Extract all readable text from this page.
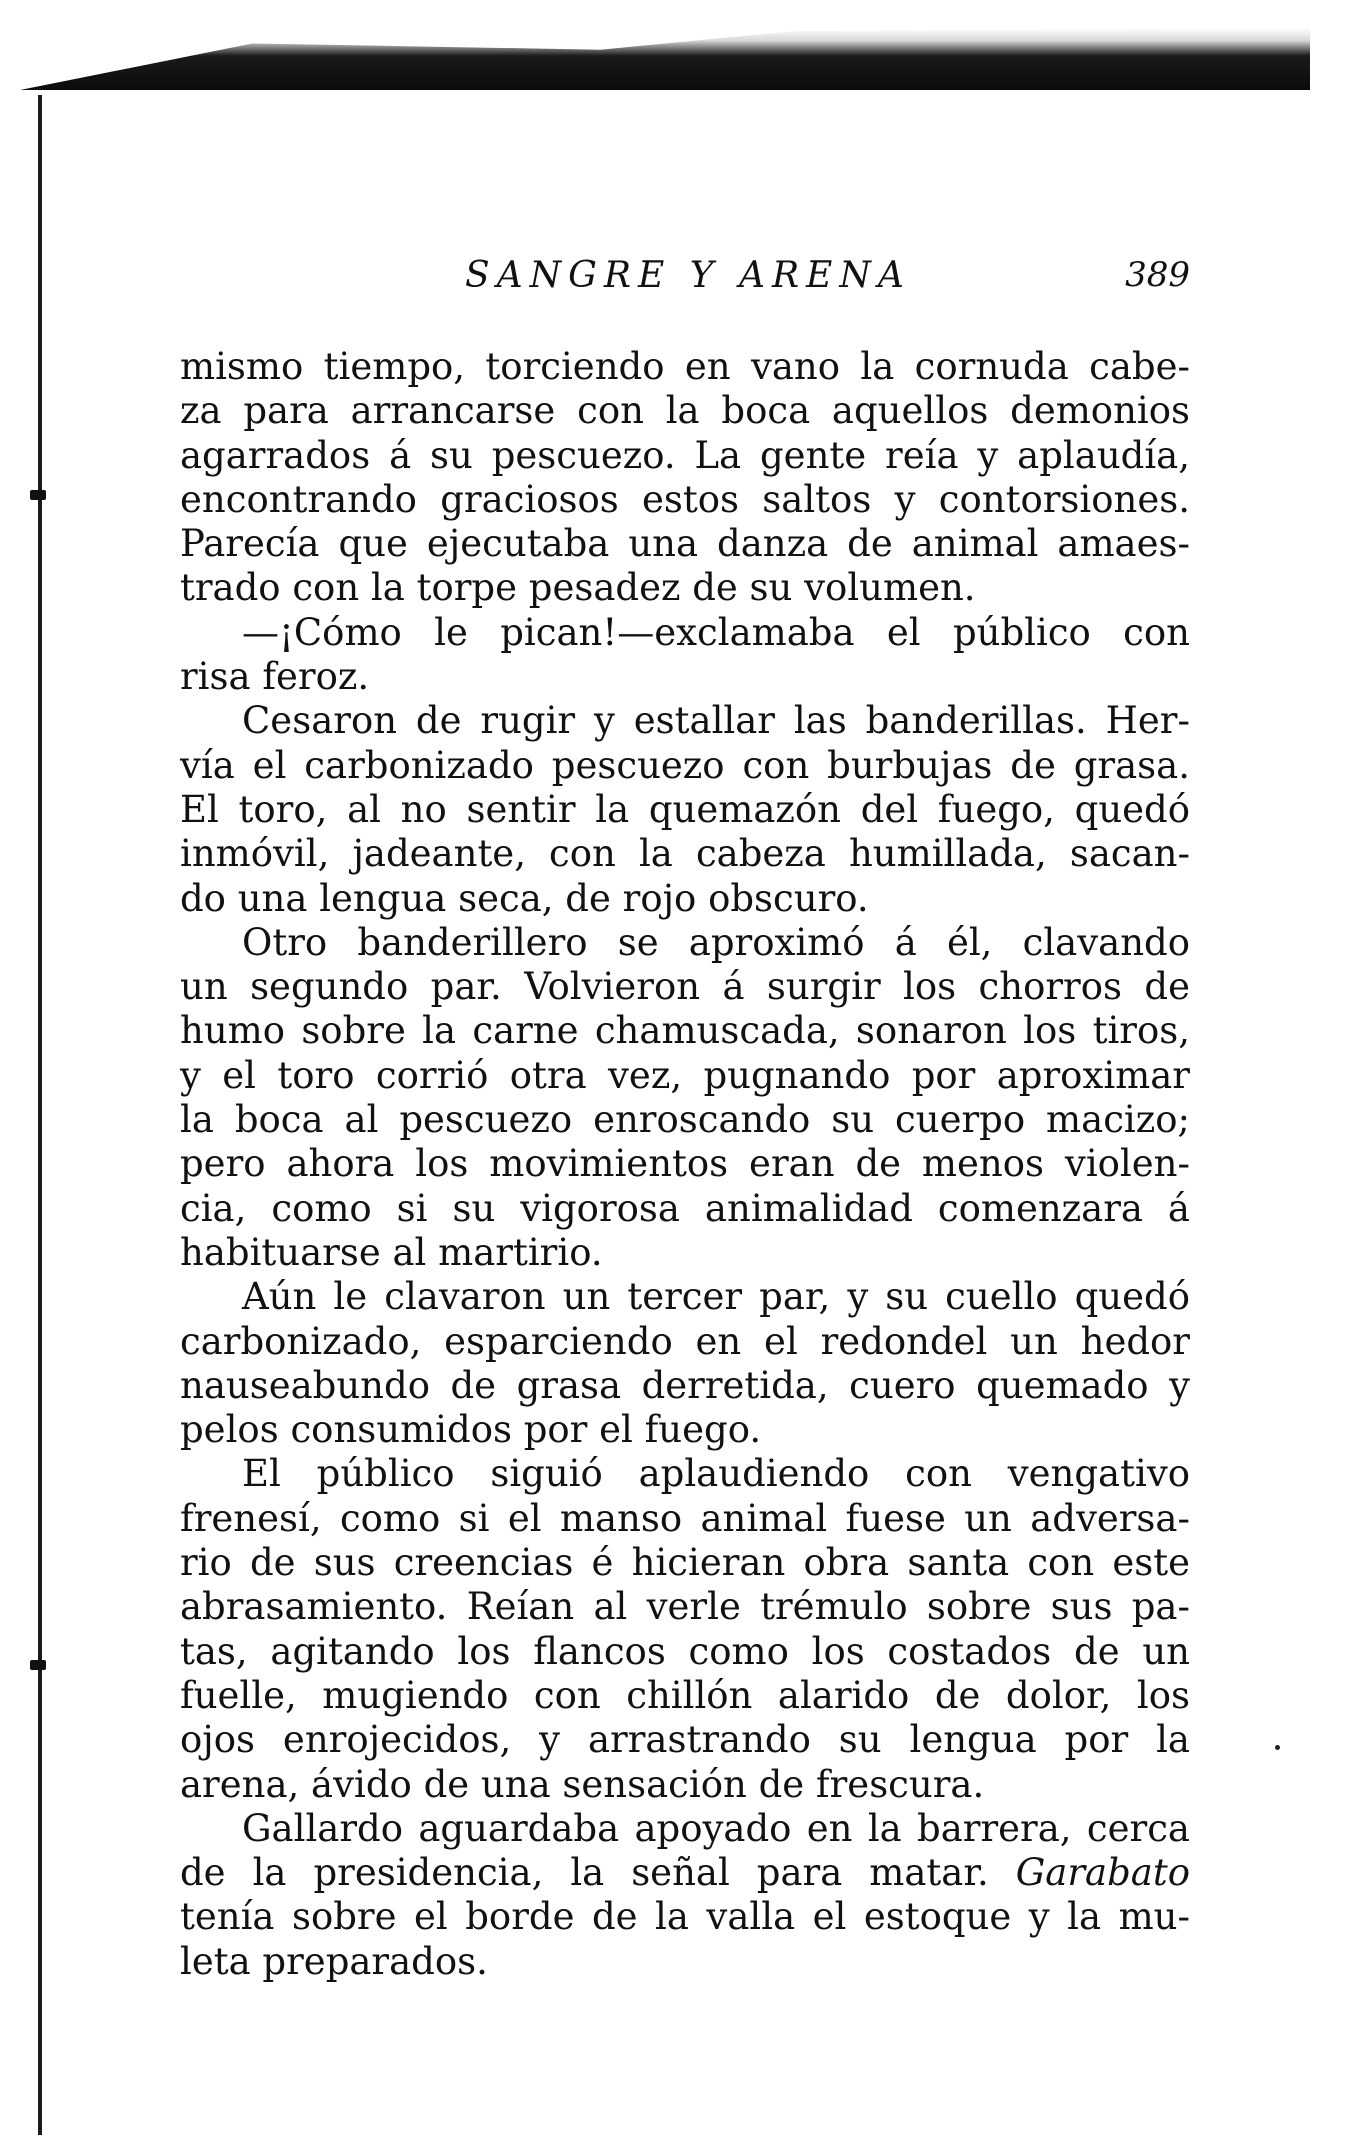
SANGRE Y ARENA	389
mismo tiempo, torciendo en vano la cornuda cabe-
za para arrancarse con la boca aquellos demonios
agarrados á su pescuezo. La gente reía y aplaudía,
encontrando graciosos estos saltos y contorsiones.
Parecía que ejecutaba una danza de animal amaes-
trado con la torpe pesadez de su volumen.
—¡Cómo le pican!—exclamaba el público con
risa feroz.
Cesaron de rugir y estallar las banderillas. Her-
vía el carbonizado pescuezo con burbujas de grasa.
El toro, al no sentir la quemazón del fuego, quedó
inmóvil, jadeante, con la cabeza humillada, sacan-
do una lengua seca, de rojo obscuro.
Otro banderillero se aproximó á él, clavando
un segundo par. Volvieron á surgir los chorros de
humo sobre la carne chamuscada, sonaron los tiros,
y el toro corrió otra vez, pugnando por aproximar
la boca al pescuezo enroscando su cuerpo macizo;
pero ahora los movimientos eran de menos violen-
cia, como si su vigorosa animalidad comenzara á
habituarse al martirio.
Aún le clavaron un tercer par, y su cuello quedó
carbonizado, esparciendo en el redondel un hedor
nauseabundo de grasa derretida, cuero quemado y
pelos consumidos por el fuego.
El público siguió aplaudiendo con vengativo
frenesí, como si el manso animal fuese un adversa-
rio de sus creencias é hicieran obra santa con este
abrasamiento. Reían al verle trémulo sobre sus pa-
tas, agitando los flancos como los costados de un
fuelle, mugiendo con chillón alarido de dolor, los
ojos enrojecidos, y arrastrando su lengua por la
arena, ávido de una sensación de frescura.
Gallardo aguardaba apoyado en la barrera, cerca
de la presidencia, la señal para matar. Garabato
tenía sobre el borde de la valla el estoque y la mu-
leta preparados.
